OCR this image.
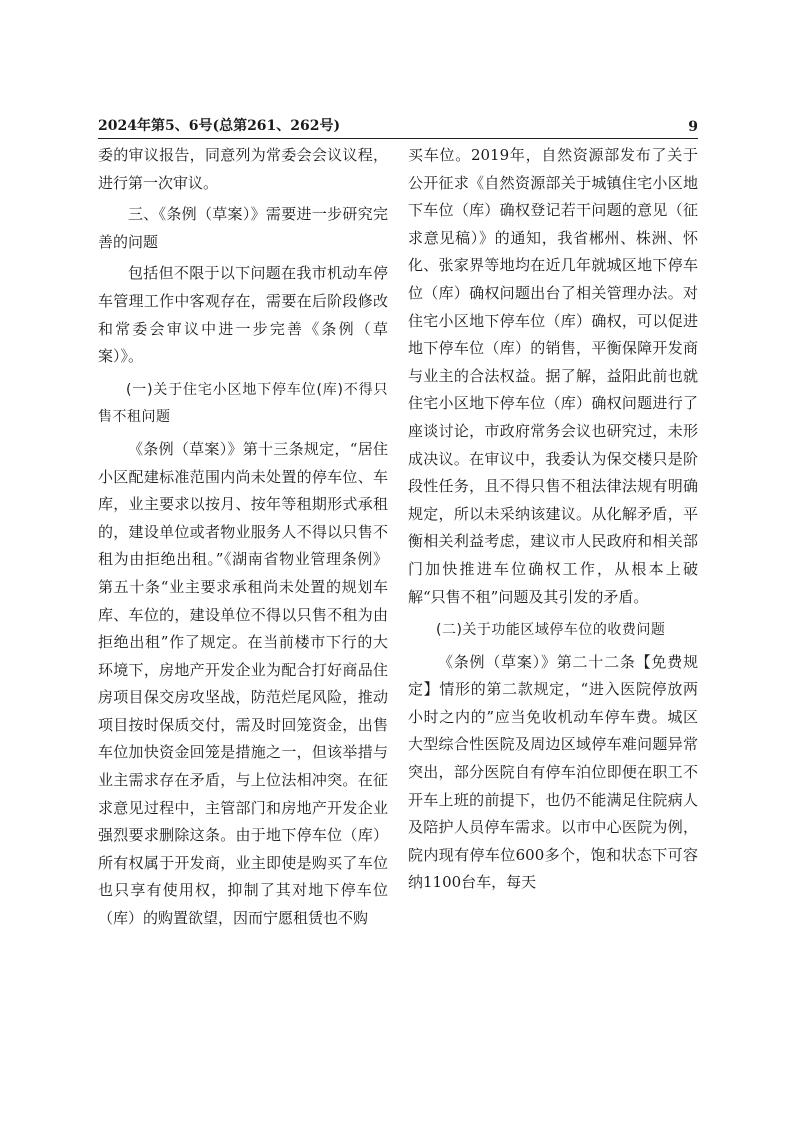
2024年第5、6号(总第261、262号)	9

委的审议报告，同意列为常委会会议议程，进行第一次审议。

三、《条例（草案）》需要进一步研究完善的问题

包括但不限于以下问题在我市机动车停车管理工作中客观存在，需要在后阶段修改和常委会审议中进一步完善《条例（草案）》。

(一)关于住宅小区地下停车位(库)不得只售不租问题

《条例（草案）》第十三条规定，“居住小区配建标准范围内尚未处置的停车位、车库，业主要求以按月、按年等租期形式承租的，建设单位或者物业服务人不得以只售不租为由拒绝出租。”《湖南省物业管理条例》第五十条“业主要求承租尚未处置的规划车库、车位的，建设单位不得以只售不租为由拒绝出租”作了规定。在当前楼市下行的大环境下，房地产开发企业为配合打好商品住房项目保交房攻坚战，防范烂尾风险，推动项目按时保质交付，需及时回笼资金，出售车位加快资金回笼是措施之一，但该举措与业主需求存在矛盾，与上位法相冲突。在征求意见过程中，主管部门和房地产开发企业强烈要求删除这条。由于地下停车位（库）所有权属于开发商，业主即使是购买了车位也只享有使用权，抑制了其对地下停车位（库）的购置欲望，因而宁愿租赁也不购

买车位。2019年，自然资源部发布了关于公开征求《自然资源部关于城镇住宅小区地下车位（库）确权登记若干问题的意见（征求意见稿）》的通知，我省郴州、株洲、怀化、张家界等地均在近几年就城区地下停车位（库）确权问题出台了相关管理办法。对住宅小区地下停车位（库）确权，可以促进地下停车位（库）的销售，平衡保障开发商与业主的合法权益。据了解，益阳此前也就住宅小区地下停车位（库）确权问题进行了座谈讨论，市政府常务会议也研究过，未形成决议。在审议中，我委认为保交楼只是阶段性任务，且不得只售不租法律法规有明确规定，所以未采纳该建议。从化解矛盾，平衡相关利益考虑，建议市人民政府和相关部门加快推进车位确权工作，从根本上破解“只售不租”问题及其引发的矛盾。

(二)关于功能区域停车位的收费问题

《条例（草案）》第二十二条【免费规定】情形的第二款规定，“进入医院停放两小时之内的”应当免收机动车停车费。城区大型综合性医院及周边区域停车难问题异常突出，部分医院自有停车泊位即便在职工不开车上班的前提下，也仍不能满足住院病人及陪护人员停车需求。以市中心医院为例，院内现有停车位600多个，饱和状态下可容纳1100台车，每天
